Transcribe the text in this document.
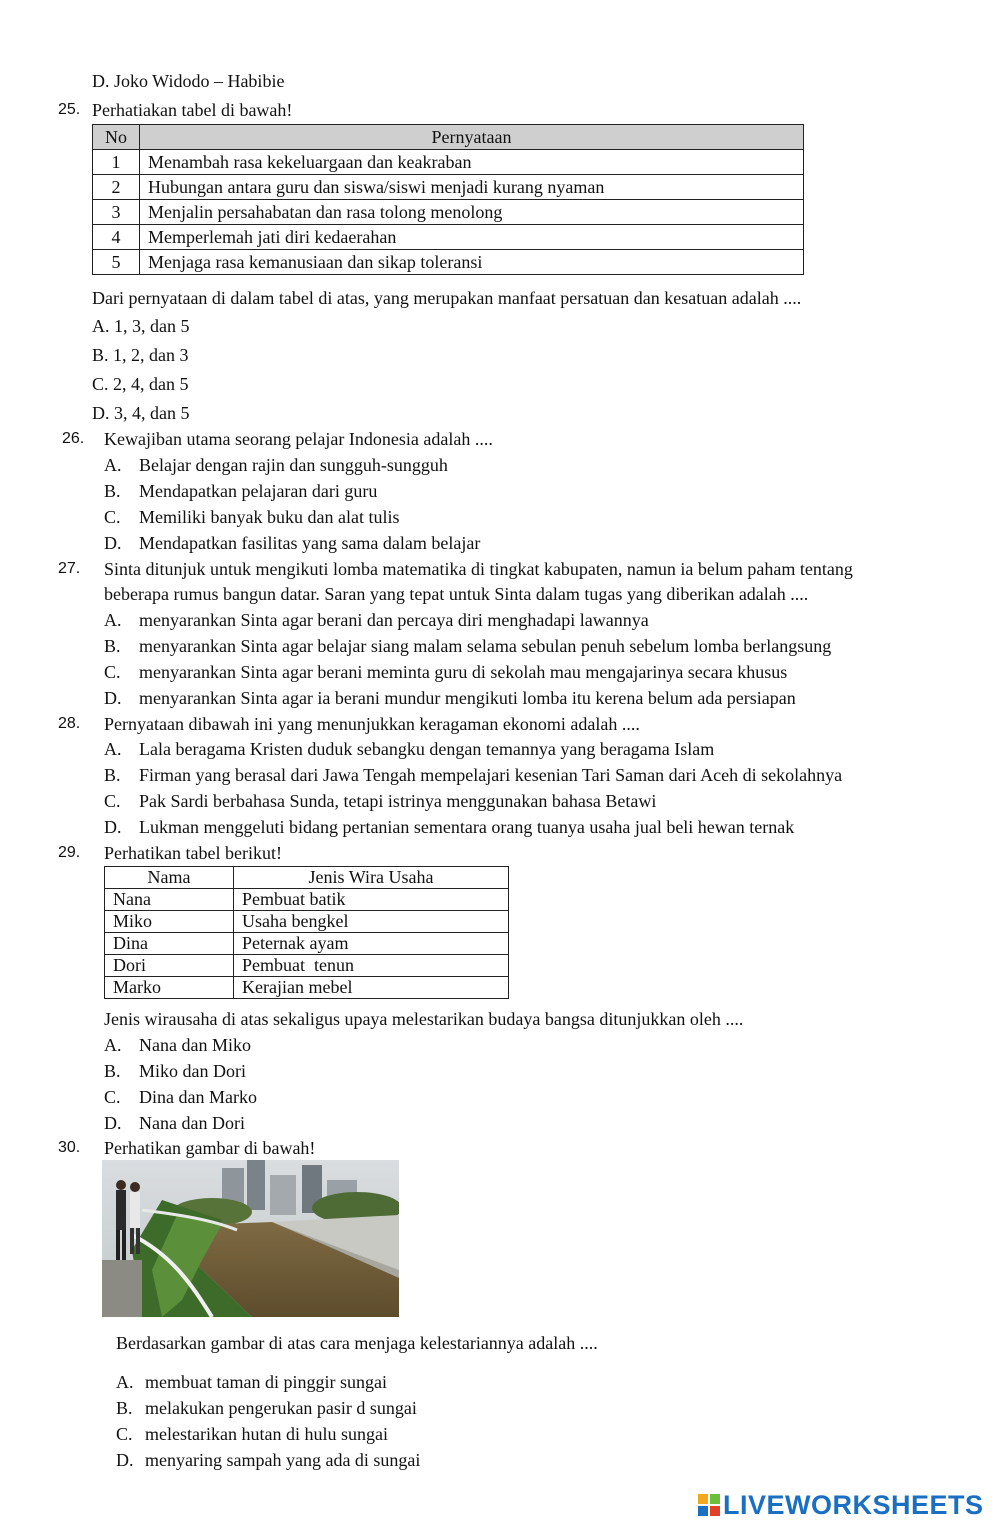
D. Joko Widodo – Habibie
25. Perhatiakan tabel di bawah!
No	Pernyataan
1	Menambah rasa kekeluargaan dan keakraban
2	Hubungan antara guru dan siswa/siswi menjadi kurang nyaman
3	Menjalin persahabatan dan rasa tolong menolong
4	Memperlemah jati diri kedaerahan
5	Menjaga rasa kemanusiaan dan sikap toleransi
Dari pernyataan di dalam tabel di atas, yang merupakan manfaat persatuan dan kesatuan adalah ....
A. 1, 3, dan 5
B. 1, 2, dan 3
C. 2, 4, dan 5
D. 3, 4, dan 5
26. Kewajiban utama seorang pelajar Indonesia adalah ....
A. Belajar dengan rajin dan sungguh-sungguh
B. Mendapatkan pelajaran dari guru
C. Memiliki banyak buku dan alat tulis
D. Mendapatkan fasilitas yang sama dalam belajar
27. Sinta ditunjuk untuk mengikuti lomba matematika di tingkat kabupaten, namun ia belum paham tentang
beberapa rumus bangun datar. Saran yang tepat untuk Sinta dalam tugas yang diberikan adalah ....
A. menyarankan Sinta agar berani dan percaya diri menghadapi lawannya
B. menyarankan Sinta agar belajar siang malam selama sebulan penuh sebelum lomba berlangsung
C. menyarankan Sinta agar berani meminta guru di sekolah mau mengajarinya secara khusus
D. menyarankan Sinta agar ia berani mundur mengikuti lomba itu kerena belum ada persiapan
28. Pernyataan dibawah ini yang menunjukkan keragaman ekonomi adalah ....
A. Lala beragama Kristen duduk sebangku dengan temannya yang beragama Islam
B. Firman yang berasal dari Jawa Tengah mempelajari kesenian Tari Saman dari Aceh di sekolahnya
C. Pak Sardi berbahasa Sunda, tetapi istrinya menggunakan bahasa Betawi
D. Lukman menggeluti bidang pertanian sementara orang tuanya usaha jual beli hewan ternak
29. Perhatikan tabel berikut!
Nama	Jenis Wira Usaha
Nana	Pembuat batik
Miko	Usaha bengkel
Dina	Peternak ayam
Dori	Pembuat  tenun
Marko	Kerajian mebel
Jenis wirausaha di atas sekaligus upaya melestarikan budaya bangsa ditunjukkan oleh ....
A. Nana dan Miko
B. Miko dan Dori
C. Dina dan Marko
D. Nana dan Dori
30. Perhatikan gambar di bawah!
Berdasarkan gambar di atas cara menjaga kelestariannya adalah ....
A. membuat taman di pinggir sungai
B. melakukan pengerukan pasir d sungai
C. melestarikan hutan di hulu sungai
D. menyaring sampah yang ada di sungai
LIVEWORKSHEETS
